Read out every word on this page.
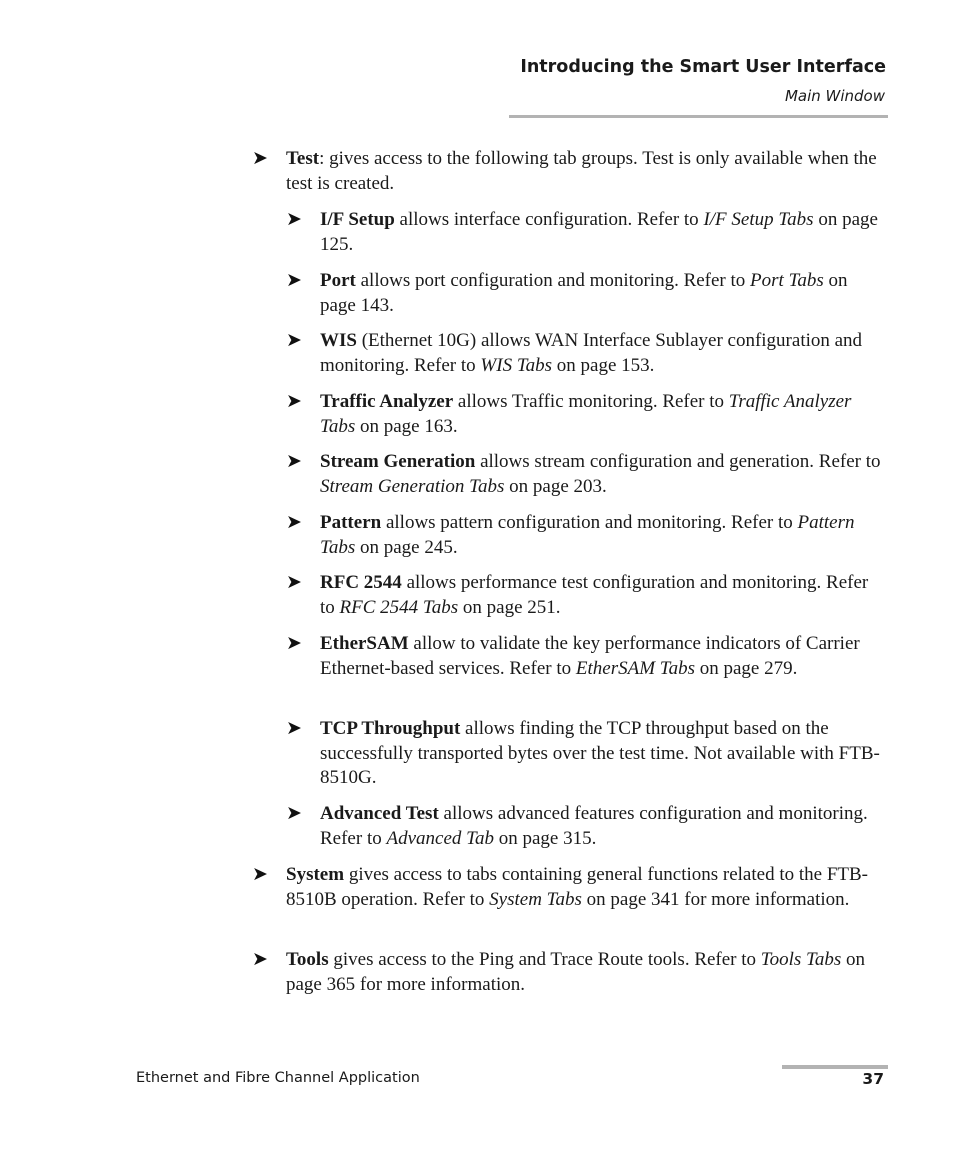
Introducing the Smart User Interface
Main Window
➤ Test: gives access to the following tab groups. Test is only available when the test is created.
➤ I/F Setup allows interface configuration. Refer to I/F Setup Tabs on page 125.
➤ Port allows port configuration and monitoring. Refer to Port Tabs on page 143.
➤ WIS (Ethernet 10G) allows WAN Interface Sublayer configuration and monitoring. Refer to WIS Tabs on page 153.
➤ Traffic Analyzer allows Traffic monitoring. Refer to Traffic Analyzer Tabs on page 163.
➤ Stream Generation allows stream configuration and generation. Refer to Stream Generation Tabs on page 203.
➤ Pattern allows pattern configuration and monitoring. Refer to Pattern Tabs on page 245.
➤ RFC 2544 allows performance test configuration and monitoring. Refer to RFC 2544 Tabs on page 251.
➤ EtherSAM allow to validate the key performance indicators of Carrier Ethernet-based services. Refer to EtherSAM Tabs on page 279.
➤ TCP Throughput allows finding the TCP throughput based on the successfully transported bytes over the test time. Not available with FTB-8510G.
➤ Advanced Test allows advanced features configuration and monitoring. Refer to Advanced Tab on page 315.
➤ System gives access to tabs containing general functions related to the FTB-8510B operation. Refer to System Tabs on page 341 for more information.
➤ Tools gives access to the Ping and Trace Route tools. Refer to Tools Tabs on page 365 for more information.
Ethernet and Fibre Channel Application	37
